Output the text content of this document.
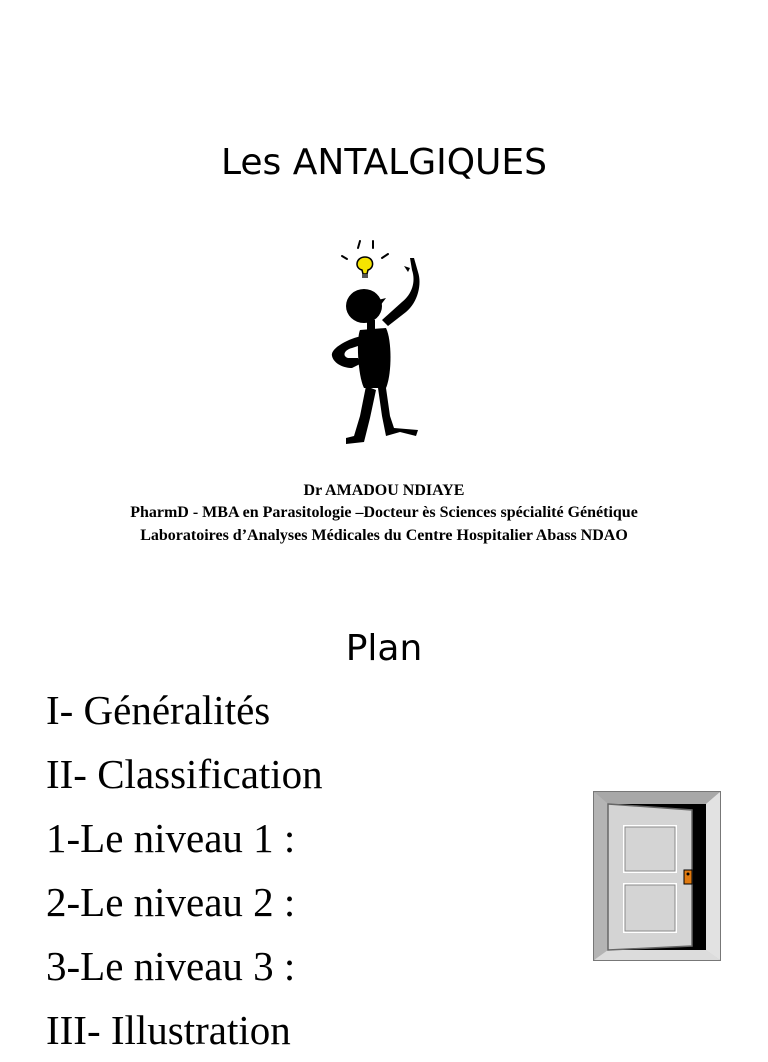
Les ANTALGIQUES
Dr AMADOU NDIAYE
PharmD - MBA en Parasitologie –Docteur ès Sciences spécialité Génétique
Laboratoires d’Analyses Médicales du Centre Hospitalier Abass NDAO
Plan
I- Généralités
II- Classification
1-Le niveau 1 :
2-Le niveau 2 :
3-Le niveau 3 :
III- Illustration
